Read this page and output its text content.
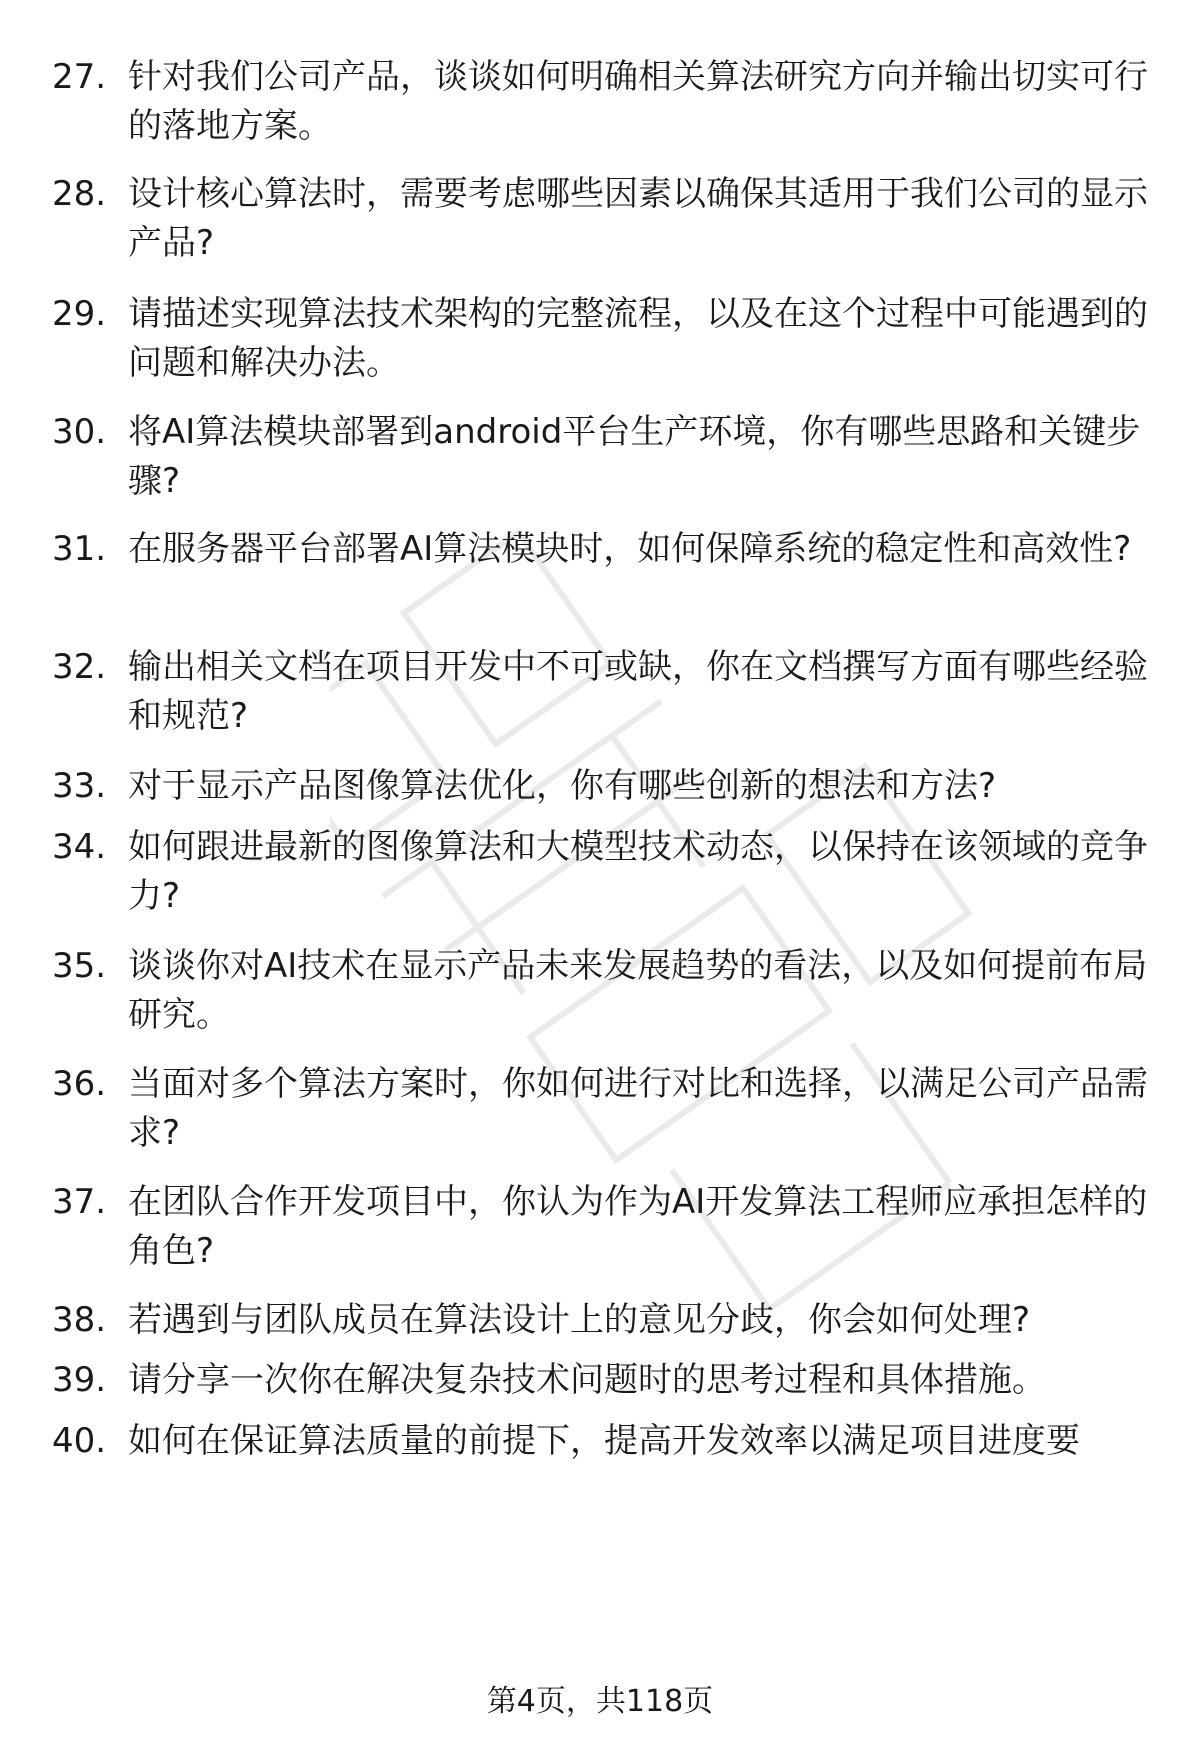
27. 针对我们公司产品，谈谈如何明确相关算法研究方向并输出切实可行的落地方案。
28. 设计核心算法时，需要考虑哪些因素以确保其适用于我们公司的显示产品?
29. 请描述实现算法技术架构的完整流程，以及在这个过程中可能遇到的问题和解决办法。
30. 将AI算法模块部署到android平台生产环境，你有哪些思路和关键步骤?
31. 在服务器平台部署AI算法模块时，如何保障系统的稳定性和高效性?
32. 输出相关文档在项目开发中不可或缺，你在文档撰写方面有哪些经验和规范?
33. 对于显示产品图像算法优化，你有哪些创新的想法和方法?
34. 如何跟进最新的图像算法和大模型技术动态，以保持在该领域的竞争力?
35. 谈谈你对AI技术在显示产品未来发展趋势的看法，以及如何提前布局研究。
36. 当面对多个算法方案时，你如何进行对比和选择，以满足公司产品需求?
37. 在团队合作开发项目中，你认为作为AI开发算法工程师应承担怎样的角色?
38. 若遇到与团队成员在算法设计上的意见分歧，你会如何处理?
39. 请分享一次你在解决复杂技术问题时的思考过程和具体措施。
40. 如何在保证算法质量的前提下，提高开发效率以满足项目进度要
第4页，共118页
